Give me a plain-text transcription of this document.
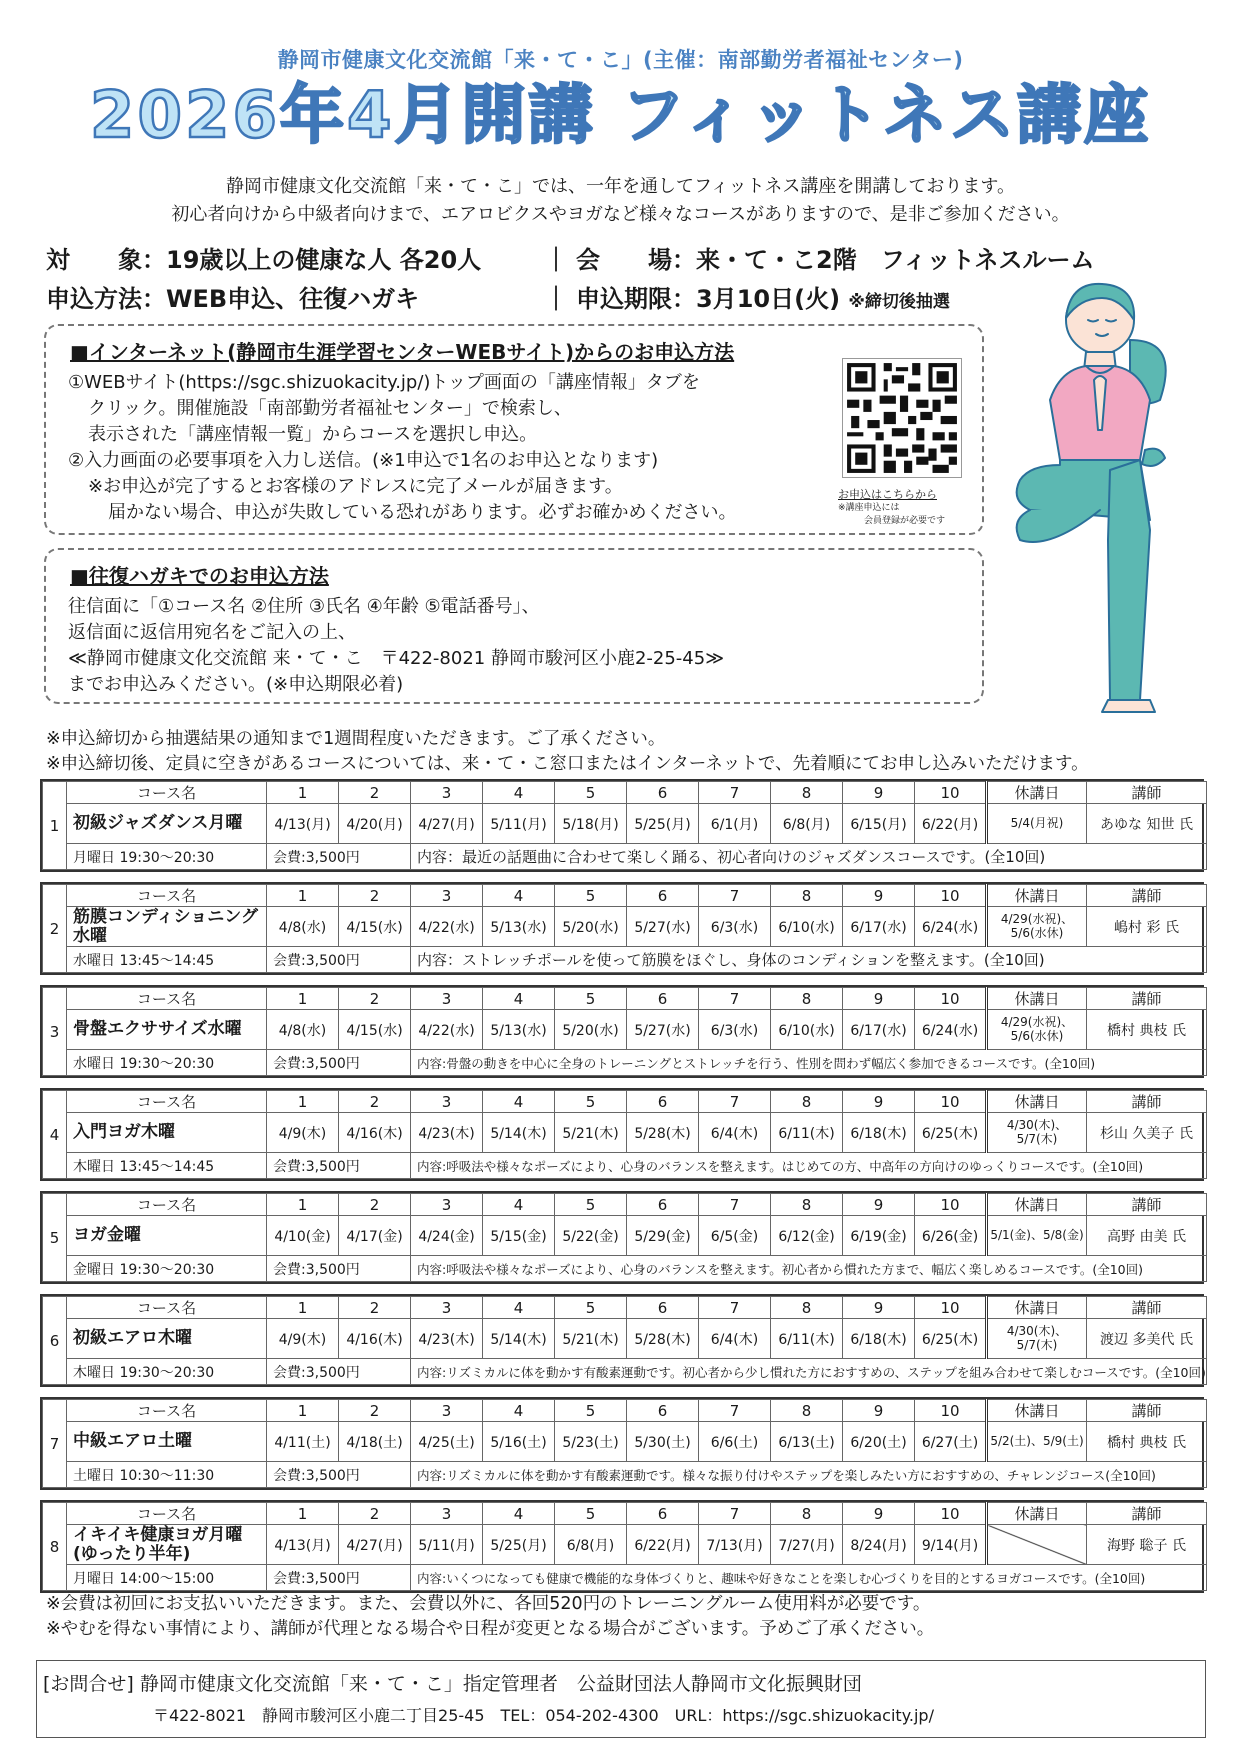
静岡市健康文化交流館「来・て・こ」(主催：南部勤労者福祉センター)
2026年4月開講 フィットネス講座
静岡市健康文化交流館「来・て・こ」では、一年を通してフィットネス講座を開講しております。
初心者向けから中級者向けまで、エアロビクスやヨガなど様々なコースがありますので、是非ご参加ください。
対　　象：19歳以上の健康な人 各20人	｜ 会　　場：来・て・こ2階　フィットネスルーム
申込方法：WEB申込、往復ハガキ	｜ 申込期限：3月10日(火) ※締切後抽選
■インターネット(静岡市生涯学習センターWEBサイト)からのお申込方法
①WEBサイト(https://sgc.shizuokacity.jp/)トップ画面の「講座情報」タブを
クリック。開催施設「南部勤労者福祉センター」で検索し、
表示された「講座情報一覧」からコースを選択し申込。
②入力画面の必要事項を入力し送信。(※1申込で1名のお申込となります)
※お申込が完了するとお客様のアドレスに完了メールが届きます。
届かない場合、申込が失敗している恐れがあります。必ずお確かめください。
お申込はこちらから
※講座申込には
会員登録が必要です
■往復ハガキでのお申込方法
往信面に「①コース名 ②住所 ③氏名 ④年齢 ⑤電話番号」、
返信面に返信用宛名をご記入の上、
≪静岡市健康文化交流館 来・て・こ　〒422-8021 静岡市駿河区小鹿2-25-45≫
までお申込みください。(※申込期限必着)
※申込締切から抽選結果の通知まで1週間程度いただきます。ご了承ください。
※申込締切後、定員に空きがあるコースについては、来・て・こ窓口またはインターネットで、先着順にてお申し込みいただけます。
1	コース名	1	2	3	4	5	6	7	8	9	10	休講日	講師
	初級ジャズダンス月曜	4/13(月)	4/20(月)	4/27(月)	5/11(月)	5/18(月)	5/25(月)	6/1(月)	6/8(月)	6/15(月)	6/22(月)	5/4(月祝)	あゆな 知世 氏
	月曜日 19:30～20:30	会費:3,500円		内容：最近の話題曲に合わせて楽しく踊る、初心者向けのジャズダンスコースです。(全10回)									
2	コース名	1	2	3	4	5	6	7	8	9	10	休講日	講師
	筋膜コンディショニング水曜	4/8(水)	4/15(水)	4/22(水)	5/13(水)	5/20(水)	5/27(水)	6/3(水)	6/10(水)	6/17(水)	6/24(水)	4/29(水祝)、5/6(水休)	嶋村 彩 氏
	水曜日 13:45～14:45	会費:3,500円		内容：ストレッチポールを使って筋膜をほぐし、身体のコンディションを整えます。(全10回)									
3	コース名	1	2	3	4	5	6	7	8	9	10	休講日	講師
	骨盤エクササイズ水曜	4/8(水)	4/15(水)	4/22(水)	5/13(水)	5/20(水)	5/27(水)	6/3(水)	6/10(水)	6/17(水)	6/24(水)	4/29(水祝)、5/6(水休)	橋村 典枝 氏
	水曜日 19:30～20:30	会費:3,500円		内容:骨盤の動きを中心に全身のトレーニングとストレッチを行う、性別を問わず幅広く参加できるコースです。(全10回)									
4	コース名	1	2	3	4	5	6	7	8	9	10	休講日	講師
	入門ヨガ木曜	4/9(木)	4/16(木)	4/23(木)	5/14(木)	5/21(木)	5/28(木)	6/4(木)	6/11(木)	6/18(木)	6/25(木)	4/30(木)、5/7(木)	杉山 久美子 氏
	木曜日 13:45～14:45	会費:3,500円		内容:呼吸法や様々なポーズにより、心身のバランスを整えます。はじめての方、中高年の方向けのゆっくりコースです。(全10回)									
5	コース名	1	2	3	4	5	6	7	8	9	10	休講日	講師
	ヨガ金曜	4/10(金)	4/17(金)	4/24(金)	5/15(金)	5/22(金)	5/29(金)	6/5(金)	6/12(金)	6/19(金)	6/26(金)	5/1(金)、5/8(金)	高野 由美 氏
	金曜日 19:30～20:30	会費:3,500円		内容:呼吸法や様々なポーズにより、心身のバランスを整えます。初心者から慣れた方まで、幅広く楽しめるコースです。(全10回)									
6	コース名	1	2	3	4	5	6	7	8	9	10	休講日	講師
	初級エアロ木曜	4/9(木)	4/16(木)	4/23(木)	5/14(木)	5/21(木)	5/28(木)	6/4(木)	6/11(木)	6/18(木)	6/25(木)	4/30(木)、5/7(木)	渡辺 多美代 氏
	木曜日 19:30～20:30	会費:3,500円		内容:リズミカルに体を動かす有酸素運動です。初心者から少し慣れた方におすすめの、ステップを組み合わせて楽しむコースです。(全10回)									
7	コース名	1	2	3	4	5	6	7	8	9	10	休講日	講師
	中級エアロ土曜	4/11(土)	4/18(土)	4/25(土)	5/16(土)	5/23(土)	5/30(土)	6/6(土)	6/13(土)	6/20(土)	6/27(土)	5/2(土)、5/9(土)	橋村 典枝 氏
	土曜日 10:30～11:30	会費:3,500円		内容:リズミカルに体を動かす有酸素運動です。様々な振り付けやステップを楽しみたい方におすすめの、チャレンジコース(全10回)									
8	コース名	1	2	3	4	5	6	7	8	9	10	休講日	講師
	イキイキ健康ヨガ月曜(ゆったり半年)	4/13(月)	4/27(月)	5/11(月)	5/25(月)	6/8(月)	6/22(月)	7/13(月)	7/27(月)	8/24(月)	9/14(月)		海野 聡子 氏
	月曜日 14:00～15:00	会費:3,500円		内容:いくつになっても健康で機能的な身体づくりと、趣味や好きなことを楽しむ心づくりを目的とするヨガコースです。(全10回)									
※会費は初回にお支払いいただきます。また、会費以外に、各回520円のトレーニングルーム使用料が必要です。
※やむを得ない事情により、講師が代理となる場合や日程が変更となる場合がございます。予めご了承ください。
[お問合せ] 静岡市健康文化交流館「来・て・こ」指定管理者　公益財団法人静岡市文化振興財団
〒422-8021　静岡市駿河区小鹿二丁目25-45　TEL：054-202-4300　URL：https://sgc.shizuokacity.jp/
